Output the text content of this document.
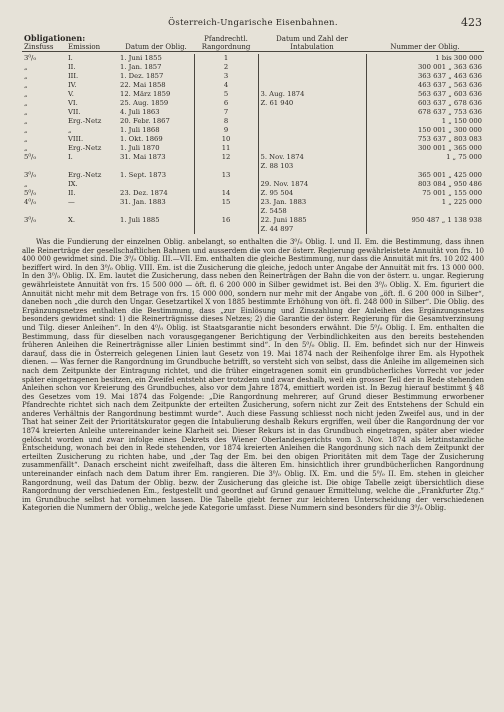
Österreich-Ungarische Eisenbahnen.	423
Obligationen:		Datum der Oblig.	Pfandrechtl. Rangordnung	Datum und Zahl der Intabulation	Nummer der Oblig.
Zinsfuss	Emission				

3⁰/₀	I.	1. Juni 1855	1		1 bis 300 000
„	II.	1. Jan. 1857	2		300 001 „ 363 636
„	III.	1. Dez. 1857	3		363 637 „ 463 636
„	IV.	22. Mai 1858	4		463 637 „ 563 636
„	V.	12. März 1859	5	3. Aug. 1874	563 637 „ 603 636
„	VI.	25. Aug. 1859	6	Z. 61 940	603 637 „ 678 636
„	VII.	4. Juli 1863	7		678 637 „ 753 636
„	Erg.-Netz	20. Febr. 1867	8		1 „ 150 000
„	„	1. Juli 1868	9		150 001 „ 300 000
„	VIII.	1. Okt. 1869	10		753 637 „ 803 083
„	Erg.-Netz	1. Juli 1870	11		300 001 „ 365 000
5⁰/₀	I.	31. Mai 1873	12	5. Nov. 1874	1 „ 75 000
				Z. 88 103	
3⁰/₀	Erg.-Netz	1. Sept. 1873	13		365 001 „ 425 000
„	IX.			29. Nov. 1874	803 084 „ 950 486
5⁰/₀	II.	23. Dez. 1874	14	Z. 95 504	75 001 „ 155 000
4⁰/₀	—	31. Jan. 1883	15	23. Jan. 1883	1 „ 225 000
				Z. 5458	
3⁰/₀	X.	1. Juli 1885	16	22. Juni 1885	950 487 „ 1 138 938
				Z. 44 897	

Was die Fundierung der einzelnen Oblig. anbelangt, so enthalten die 3⁰/₀ Oblig. I. und II. Em. die Bestimmung, dass ihnen alle Reinerträge der gesellschaftlichen Bahnen und ausserdem die von der österr. Regierung gewährleistete Annuität von frs. 10 400 000 gewidmet sind. Die 3⁰/₀ Oblig. III.—VII. Em. enthalten die gleiche Bestimmung, nur dass die Annuität mit frs. 10 202 400 beziffert wird. In den 3⁰/₀ Oblig. VIII. Em. ist die Zusicherung die gleiche, jedoch unter Angabe der Annuität mit frs. 13 000 000. In den 3⁰/₀ Oblig. IX. Em. lautet die Zusicherung, dass neben den Reinerträgen der Bahn die von der österr. u. ungar. Regierung gewährleistete Annuität von frs. 15 500 000 — öft. fl. 6 200 000 in Silber gewidmet ist. Bei den 3⁰/₀ Oblig. X. Em. figuriert die Annuität nicht mehr mit dem Betrage von frs. 15 000 000, sondern nur mehr mit der Angabe von „öft. fl. 6 200 000 in Silber“, daneben noch „die durch den Ungar. Gesetzartikel X von 1885 bestimmte Erhöhung von öft. fl. 248 000 in Silber“. Die Oblig. des Ergänzungsnetzes enthalten die Bestimmung, dass „zur Einlösung und Zinszahlung der Anleihen des Ergänzungsnetzes besonders gewidmet sind: 1) die Reinerträgnisse dieses Netzes; 2) die Garantie der österr. Regierung für die Gesamtverzinsung und Tilg. dieser Anleihen“. In den 4⁰/₀ Oblig. ist Staatsgarantie nicht besonders erwähnt. Die 5⁰/₀ Oblig. I. Em. enthalten die Bestimmung, dass für dieselben nach vorausgegangener Berichtigung der Verbindlichkeiten aus den bereits bestehenden früheren Anleihen die Reinerträgnisse aller Linien bestimmt sind“. In den 5⁰/₀ Oblig. II. Em. befindet sich nur der Hinweis darauf, dass die in Österreich gelegenen Linien laut Gesetz von 19. Mai 1874 nach der Reihenfolge ihrer Em. als Hypothek dienen. — Was ferner die Rangordnung im Grundbuche betrifft, so versteht sich von selbst, dass die Anleihe im allgemeinen sich nach dem Zeitpunkte der Eintragung richtet, und die früher eingetragenen somit ein grundbücherliches Vorrecht vor jeder später eingetragenen besitzen, ein Zweifel entsteht aber trotzdem und zwar deshalb, weil ein grosser Teil der in Rede stehenden Anleihen schon vor Kreierung des Grundbuches, also vor dem Jahre 1874, emittiert worden ist. In Bezug hierauf bestimmt § 48 des Gesetzes vom 19. Mai 1874 das Folgende: „Die Rangordnung mehrerer, auf Grund dieser Bestimmung erworbener Pfandrechte richtet sich nach dem Zeitpunkte der erteilten Zusicherung, sofern nicht zur Zeit des Entstehens der Schuld ein anderes Verhältnis der Rangordnung bestimmt wurde“. Auch diese Fassung schliesst noch nicht jeden Zweifel aus, und in der That hat seiner Zeit der Prioritätskurator gegen die Intabulierung deshalb Rekurs ergriffen, weil über die Rangordnung der vor 1874 kreierten Anleihe untereinander keine Klarheit sei. Dieser Rekurs ist in das Grundbuch eingetragen, später aber wieder gelöscht worden und zwar infolge eines Dekrets des Wiener Oberlandesgerichts vom 3. Nov. 1874 als letztinstanzliche Entscheidung, wonach bei den in Rede stehenden, vor 1874 kreierten Anleihen die Rangordnung sich nach dem Zeitpunkt der erteilten Zusicherung zu richten habe, und „der Tag der Em. bei den obigen Prioritäten mit dem Tage der Zusicherung zusammenfällt“. Danach erscheint nicht zweifelhaft, dass die älteren Em. hinsichtlich ihrer grundbücherlichen Rangordnung untereinander einfach nach dem Datum ihrer Em. rangieren. Die 3⁰/₀ Oblig. IX. Em. und die 5⁰/₀ II. Em. stehen in gleicher Rangordnung, weil das Datum der Oblig. bezw. der Zusicherung das gleiche ist. Die obige Tabelle zeigt übersichtlich diese Rangordnung der verschiedenen Em., festgestellt und geordnet auf Grund genauer Ermittelung, welche die „Frankfurter Ztg.“ im Grundbuche selbst hat vornehmen lassen. Die Tabelle giebt ferner zur leichteren Unterscheidung der verschiedenen Kategorien die Nummern der Oblig., welche jede Kategorie umfasst. Diese Nummern sind besonders für die 3⁰/₀ Oblig.
